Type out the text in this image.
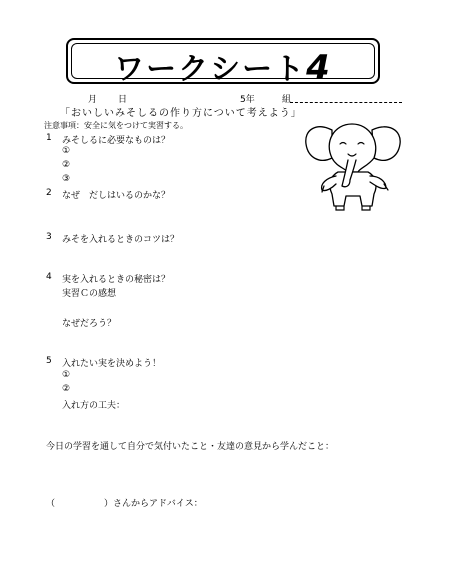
ワークシート4
月 日	5年	組
「おいしいみそしるの作り方について考えよう」
注意事項：安全に気をつけて実習する。
1 みそしるに必要なものは？
①
②
③
2 なぜ　だしはいるのかな？
3 みそを入れるときのコツは？
4 実を入れるときの秘密は？
実習Ｃの感想
なぜだろう？
5 入れたい実を決めよう！
①
②
入れ方の工夫：
今日の学習を通して自分で気付いたこと・友達の意見から学んだこと：
（	）さんからアドバイス：
